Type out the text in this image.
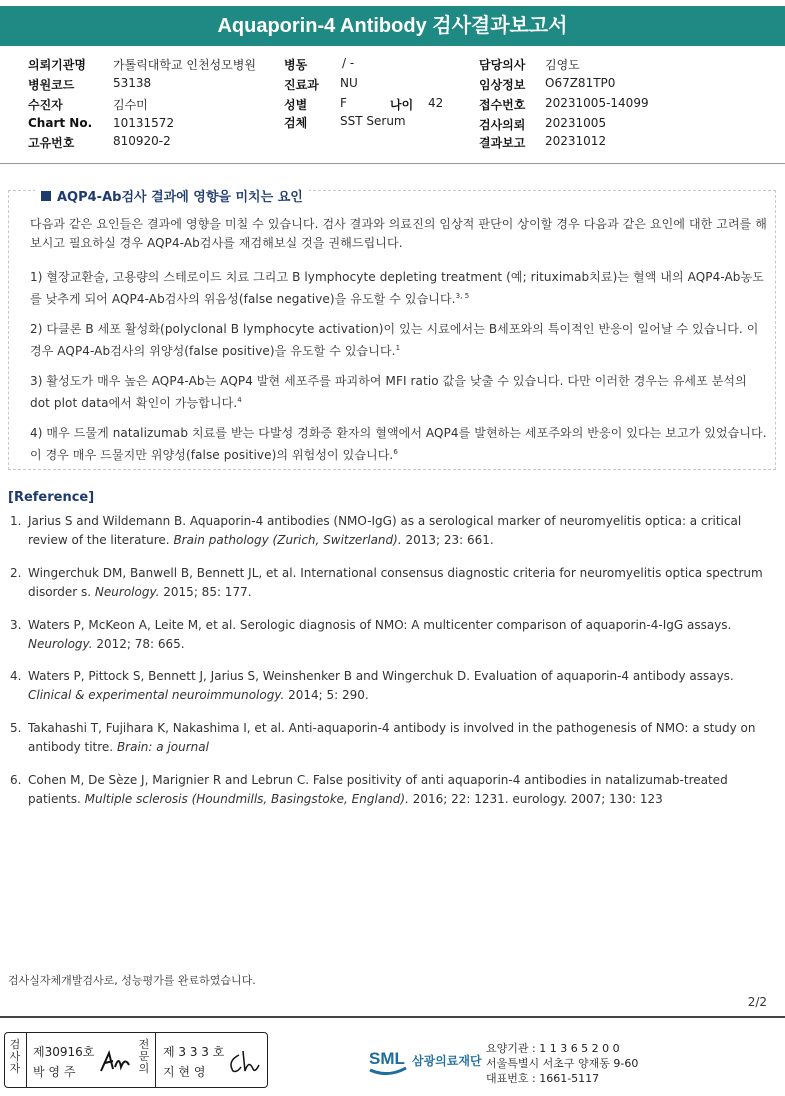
Aquaporin-4 Antibody 검사결과보고서
의뢰기관명 가톨릭대학교 인천성모병원
병원코드	53138
수진자	김수미
Chart No. 10131572
고유번호	810920-2
병동	/ -
진료과 NU
성별	F	나이 42
검체	SST Serum
담당의사 김영도
임상정보 O67Z81TP0
접수번호 20231005-14099
검사의뢰 20231005
결과보고 20231012
AQP4-Ab검사 결과에 영향을 미치는 요인
다음과 같은 요인들은 결과에 영향을 미칠 수 있습니다. 검사 결과와 의료진의 임상적 판단이 상이할 경우 다음과 같은 요인에 대한 고려를 해 보시고 필요하실 경우 AQP4-Ab검사를 재검해보실 것을 권해드립니다.
1) 혈장교환술, 고용량의 스테로이드 치료 그리고 B lymphocyte depleting treatment (예; rituximab치료)는 혈액 내의 AQP4-Ab농도를 낮추게 되어 AQP4-Ab검사의 위음성(false negative)을 유도할 수 있습니다.$^{3, 5}$
2) 다클론 B 세포 활성화(polyclonal B lymphocyte activation)이 있는 시료에서는 B세포와의 특이적인 반응이 일어날 수 있습니다. 이 경우 AQP4-Ab검사의 위양성(false positive)을 유도할 수 있습니다.$^1$
3) 활성도가 매우 높은 AQP4-Ab는 AQP4 발현 세포주를 파괴하여 MFI ratio 값을 낮출 수 있습니다. 다만 이러한 경우는 유세포 분석의 dot plot data에서 확인이 가능합니다.$^4$
4) 매우 드물게 natalizumab 치료를 받는 다발성 경화증 환자의 혈액에서 AQP4를 발현하는 세포주와의 반응이 있다는 보고가 있었습니다. 이 경우 매우 드물지만 위양성(false positive)의 위험성이 있습니다.$^6$
[Reference]
1. Jarius S and Wildemann B. Aquaporin-4 antibodies (NMO-IgG) as a serological marker of neuromyelitis optica: a critical review of the literature. Brain pathology (Zurich, Switzerland). 2013; 23: 661.
2. Wingerchuk DM, Banwell B, Bennett JL, et al. International consensus diagnostic criteria for neuromyelitis optica spectrum disorder s. Neurology. 2015; 85: 177.
3. Waters P, McKeon A, Leite M, et al. Serologic diagnosis of NMO: A multicenter comparison of aquaporin-4-IgG assays. Neurology. 2012; 78: 665.
4. Waters P, Pittock S, Bennett J, Jarius S, Weinshenker B and Wingerchuk D. Evaluation of aquaporin-4 antibody assays. Clinical & experimental neuroimmunology. 2014; 5: 290.
5. Takahashi T, Fujihara K, Nakashima I, et al. Anti-aquaporin-4 antibody is involved in the pathogenesis of NMO: a study on antibody titre. Brain: a journal
6. Cohen M, De Sèze J, Marignier R and Lebrun C. False positivity of anti aquaporin-4 antibodies in natalizumab-treated patients. Multiple sclerosis (Houndmills, Basingstoke, England). 2016; 22: 1231. eurology. 2007; 130: 123
검사실자체개발검사로, 성능평가를 완료하였습니다.
2/2
검사자
제30916호
박 영 주
전문의
제 3 3 3 호
지 현 영
SML 삼광의료재단
요양기관 : 1 1 3 6 5 2 0 0
서울특별시 서초구 양재동 9-60
대표번호 : 1661-5117
